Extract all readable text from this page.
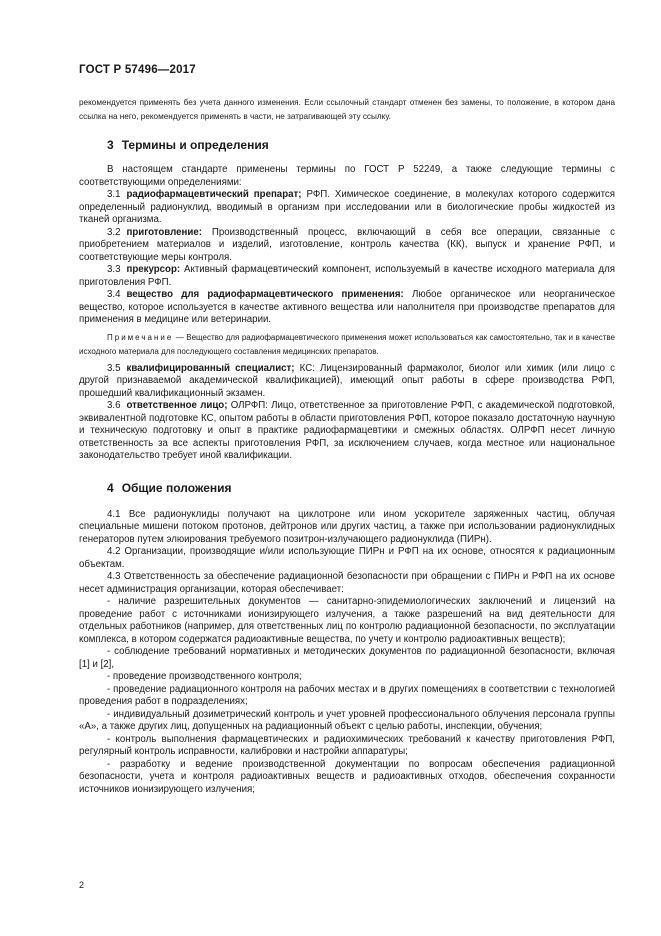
ГОСТ Р 57496—2017

рекомендуется применять без учета данного изменения. Если ссылочный стандарт отменен без замены, то положение, в котором дана ссылка на него, рекомендуется применять в части, не затрагивающей эту ссылку.

3 Термины и определения

В настоящем стандарте применены термины по ГОСТ Р 52249, а также следующие термины с соответствующими определениями:

3.1 радиофармацевтический препарат; РФП. Химическое соединение, в молекулах которого содержится определенный радионуклид, вводимый в организм при исследовании или в биологические пробы жидкостей из тканей организма.

3.2 приготовление: Производственный процесс, включающий в себя все операции, связанные с приобретением материалов и изделий, изготовление, контроль качества (КК), выпуск и хранение РФП, и соответствующие меры контроля.

3.3 прекурсор: Активный фармацевтический компонент, используемый в качестве исходного материала для приготовления РФП.

3.4 вещество для радиофармацевтического применения: Любое органическое или неорганическое вещество, которое используется в качестве активного вещества или наполнителя при производстве препаратов для применения в медицине или ветеринарии.

Примечание — Вещество для радиофармацевтического применения может использоваться как самостоятельно, так и в качестве исходного материала для последующего составления медицинских препаратов.

3.5 квалифицированный специалист; КС: Лицензированный фармаколог, биолог или химик (или лицо с другой признаваемой академической квалификацией), имеющий опыт работы в сфере производства РФП, прошедший квалификационный экзамен.

3.6 ответственное лицо; ОЛРФП: Лицо, ответственное за приготовление РФП, с академической подготовкой, эквивалентной подготовке КС, опытом работы в области приготовления РФП, которое показало достаточную научную и техническую подготовку и опыт в практике радиофармацевтики и смежных областях. ОЛРФП несет личную ответственность за все аспекты приготовления РФП, за исключением случаев, когда местное или национальное законодательство требует иной квалификации.

4 Общие положения

4.1 Все радионуклиды получают на циклотроне или ином ускорителе заряженных частиц, облучая специальные мишени потоком протонов, дейтронов или других частиц, а также при использовании радионуклидных генераторов путем элюирования требуемого позитрон-излучающего радионуклида (ПИРн).

4.2 Организации, производящие и/или использующие ПИРн и РФП на их основе, относятся к радиационным объектам.

4.3 Ответственность за обеспечение радиационной безопасности при обращении с ПИРн и РФП на их основе несет администрация организации, которая обеспечивает:

- наличие разрешительных документов — санитарно-эпидемиологических заключений и лицензий на проведение работ с источниками ионизирующего излучения, а также разрешений на вид деятельности для отдельных работников (например, для ответственных лиц по контролю радиационной безопасности, по эксплуатации комплекса, в котором содержатся радиоактивные вещества, по учету и контролю радиоактивных веществ);

- соблюдение требований нормативных и методических документов по радиационной безопасности, включая [1] и [2],

- проведение производственного контроля;

- проведение радиационного контроля на рабочих местах и в других помещениях в соответствии с технологией проведения работ в подразделениях;

- индивидуальный дозиметрический контроль и учет уровней профессионального облучения персонала группы «А», а также других лиц, допущенных на радиационный объект с целью работы, инспекции, обучения;

- контроль выполнения фармацевтических и радиохимических требований к качеству приготовления РФП, регулярный контроль исправности, калибровки и настройки аппаратуры;

- разработку и ведение производственной документации по вопросам обеспечения радиационной безопасности, учета и контроля радиоактивных веществ и радиоактивных отходов, обеспечения сохранности источников ионизирующего излучения;

2
